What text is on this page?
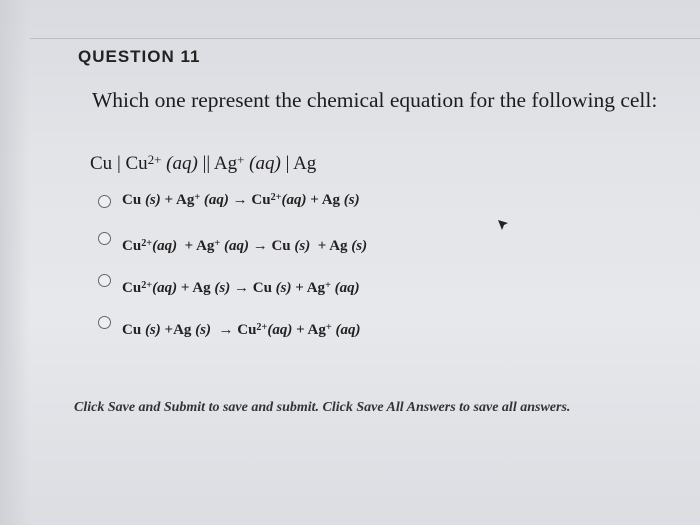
QUESTION 11
Which one represent the chemical equation for the following cell:
Cu | $Cu^{2+}$ (aq) || Ag+ (aq) | Ag
Cu (s) + Ag+ $(aq) \to Cu^{2+}(aq) + Ag$ (s)
$Cu^{2+}(aq) + Ag^+$ (aq) → Cu (s) + Ag (s)
$Cu^{2+}(aq) + Ag$ (s) → Cu (s) + Ag+ (aq)
Cu (s) +Ag $(s) \to Cu^{2+}(aq) + Ag^+$ (aq)
Click Save and Submit to save and submit. Click Save All Answers to save all answers.
